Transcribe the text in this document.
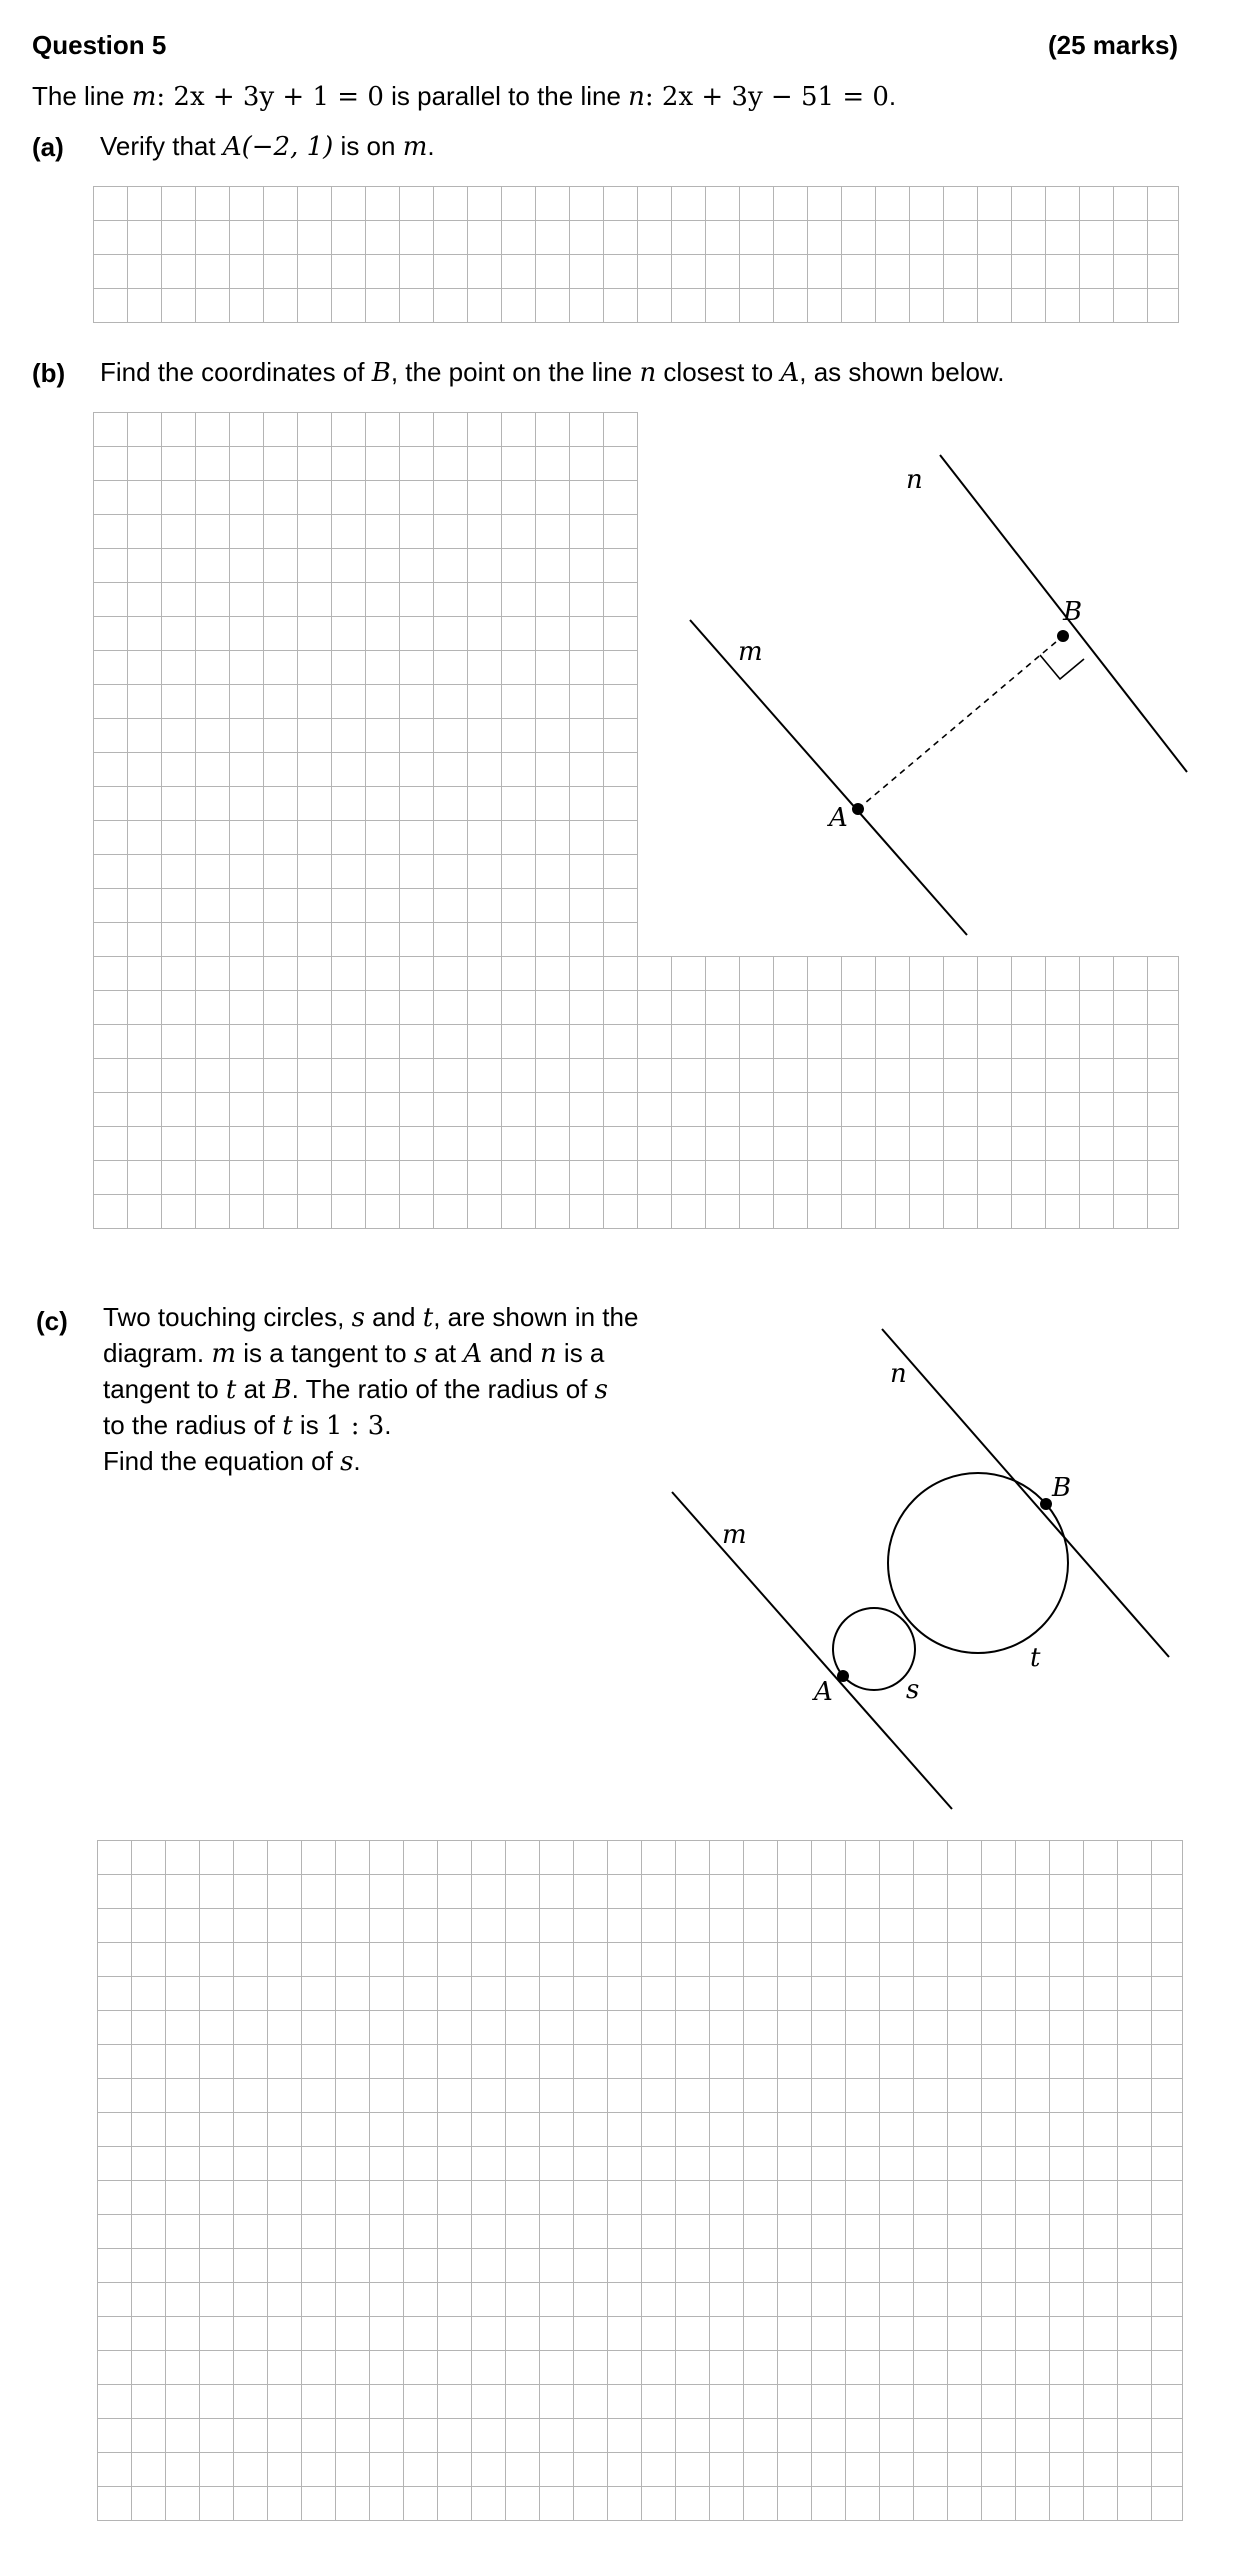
Question 5	(25 marks)
The line m: 2x + 3y + 1 = 0 is parallel to the line n: 2x + 3y − 51 = 0.
(a) Verify that A(−2, 1) is on m.
(b) Find the coordinates of B, the point on the line n closest to A, as shown below.
n
m
A
B
(c) Two touching circles, s and t, are shown in the
diagram. m is a tangent to s at A and n is a
tangent to t at B. The ratio of the radius of s
to the radius of t is 1 : 3.
Find the equation of s.
n
m
A
B
s
t
